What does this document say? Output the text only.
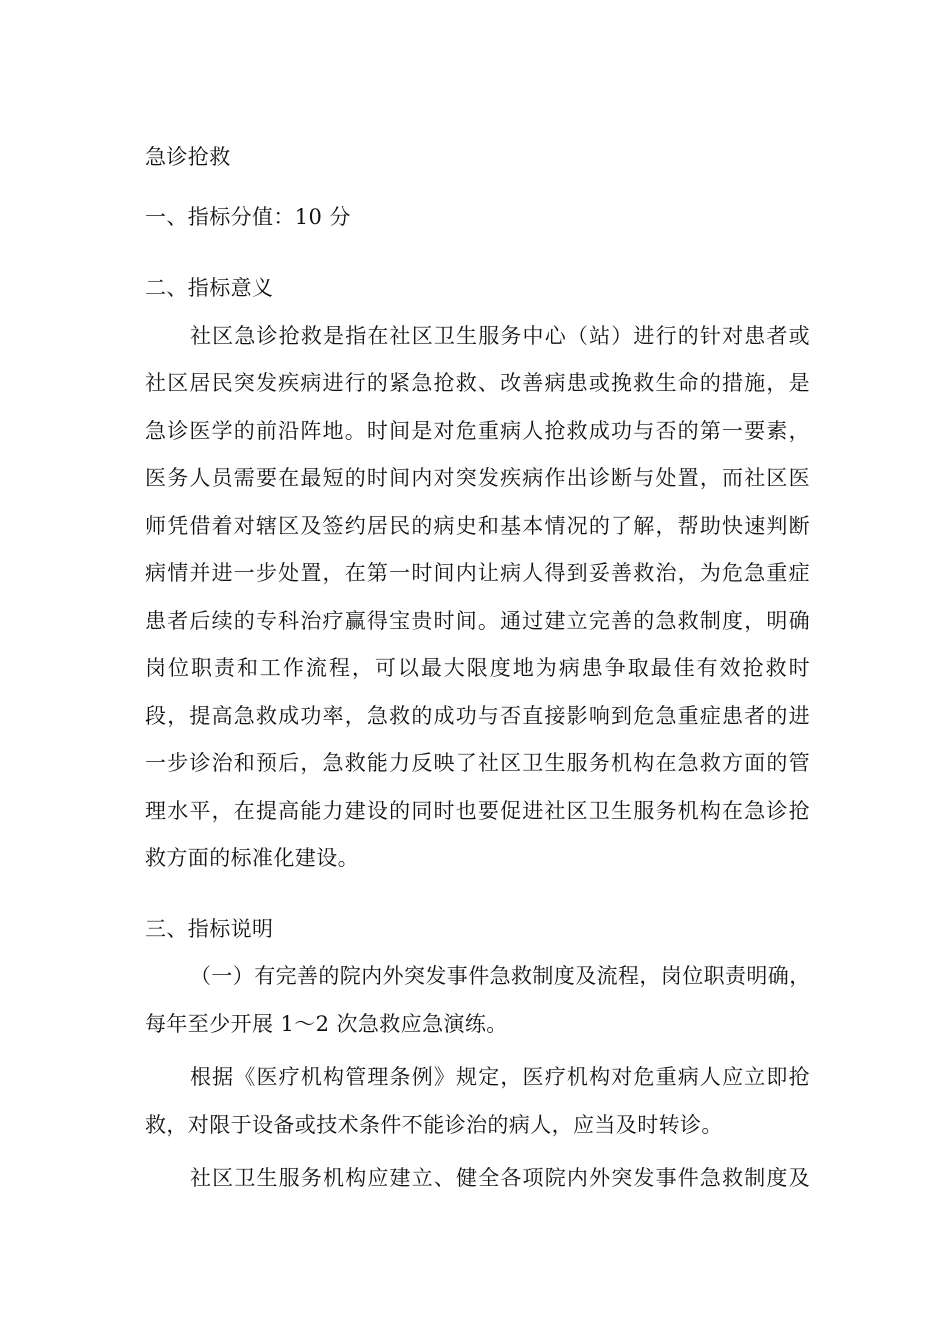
急诊抢救
一、指标分值：10 分
二、指标意义
社区急诊抢救是指在社区卫生服务中心（站）进行的针对患者或
社区居民突发疾病进行的紧急抢救、改善病患或挽救生命的措施，是
急诊医学的前沿阵地。时间是对危重病人抢救成功与否的第一要素，
医务人员需要在最短的时间内对突发疾病作出诊断与处置，而社区医
师凭借着对辖区及签约居民的病史和基本情况的了解，帮助快速判断
病情并进一步处置，在第一时间内让病人得到妥善救治，为危急重症
患者后续的专科治疗赢得宝贵时间。通过建立完善的急救制度，明确
岗位职责和工作流程，可以最大限度地为病患争取最佳有效抢救时
段，提高急救成功率，急救的成功与否直接影响到危急重症患者的进
一步诊治和预后，急救能力反映了社区卫生服务机构在急救方面的管
理水平，在提高能力建设的同时也要促进社区卫生服务机构在急诊抢
救方面的标准化建设。
三、指标说明
（一）有完善的院内外突发事件急救制度及流程，岗位职责明确，
每年至少开展 1～2 次急救应急演练。
根据《医疗机构管理条例》规定，医疗机构对危重病人应立即抢
救，对限于设备或技术条件不能诊治的病人，应当及时转诊。
社区卫生服务机构应建立、健全各项院内外突发事件急救制度及
